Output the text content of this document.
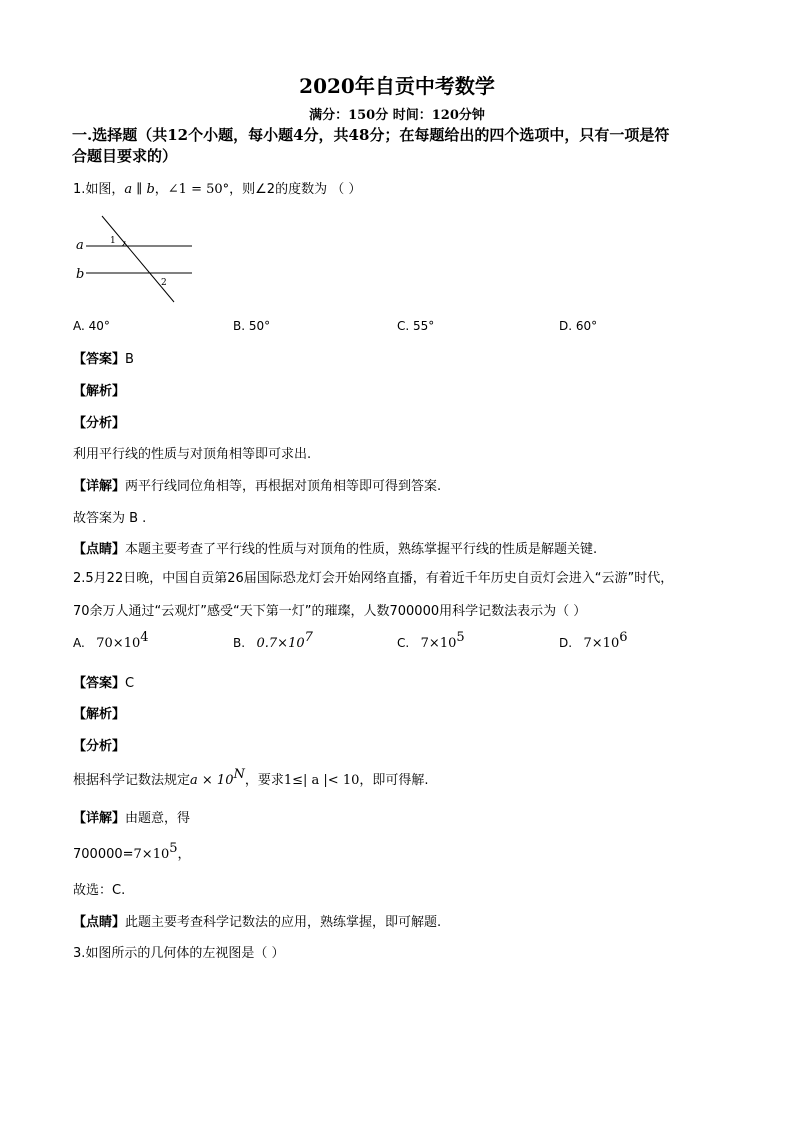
2020年自贡中考数学
满分：150分 时间：120分钟
一.选择题（共12个小题，每小题4分，共48分；在每题给出的四个选项中，只有一项是符
合题目要求的）
1.如图，a ∥ b，∠1 = 50°，则∠2的度数为 （ ）
a
b
1
2
A. 40°	B. 50°	C. 55°	D. 60°
【答案】B
【解析】
【分析】
利用平行线的性质与对顶角相等即可求出.
【详解】两平行线同位角相等，再根据对顶角相等即可得到答案.
故答案为 B .
【点睛】本题主要考查了平行线的性质与对顶角的性质，熟练掌握平行线的性质是解题关键.
2.5月22日晚，中国自贡第26届国际恐龙灯会开始网络直播，有着近千年历史自贡灯会进入“云游”时代，
70余万人通过“云观灯”感受“天下第一灯”的璀璨，人数700000用科学记数法表示为（ ）
A. $70\times 10^4$	B. $0.7\times 10^7$	C. $7\times 10^5$	D. $7\times 10^6$
【答案】C
【解析】
【分析】
根据科学记数法规定$a \times 10^N$，要求1≤| a |< 10，即可得解.
【详解】由题意，得
$700000=7\times 10^5$，
故选：C.
【点睛】此题主要考查科学记数法的应用，熟练掌握，即可解题.
3.如图所示的几何体的左视图是（ ）
